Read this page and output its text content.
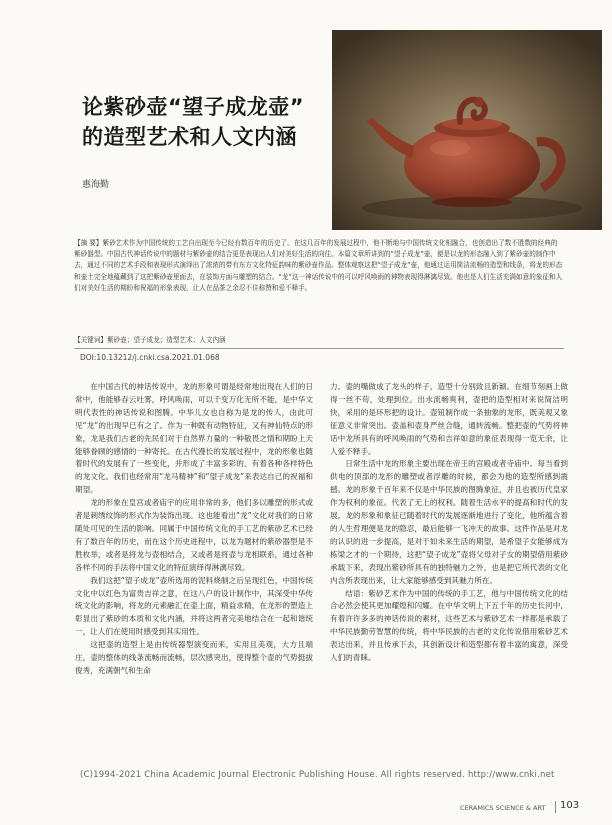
论紫砂壶“望子成龙壶”
的造型艺术和人文内涵
惠海勤
【摘 要】紫砂艺术作为中国传统的工艺自出现至今已经有数百年的历史了。在这几百年的发展过程中，他不断地与中国传统文化相融合，也创造出了数不胜数的经典的紫砂器型。中国古代神话传说中的题材与紫砂壶的结合更是表现出人们对美好生活的向往。本篇文章所讲到的“望子成龙”壶，便是以龙的形态融入到了紫砂壶的制作中去，通过不同的艺术手段和表现形式演绎出了浓浓的带有东方文化特征韵味的紫砂壶作品。整体观察这把“望子成龙”壶，他通过运用简洁流畅的造型和线条，将龙的形态和壶土完全地蕴藏到了这把紫砂壶里面去，在装饰方面与雕塑的结合。“龙”这一神话传说中的可以呼风唤雨的神物表现得淋漓尽致。他也是人们生活充满如意的象征和人们对美好生活的期盼和祝福的形象表现，让人在品茶之余忍不住称赞和爱不释手。
【关键词】紫砂壶；望子成龙；造型艺术；人文内涵
DOI:10.13212/j.cnki.csa.2021.01.068

在中国古代的神话传说中，龙的形象可谓是经常地出现在人们的日常中，他能够吞云吐雾，呼风唤雨，可以千变万化无所不能，是中华文明代表性的神话传说和图腾。中华儿女也自称为是龙的传人，由此可见“龙”的出现早已有之了。作为一种既有动物特征，又有神仙特点的形象，龙是我们古老的先民们对于自然界力量的一种敬畏之情和期盼上天能够眷顾的感情的一种寄托。在古代漫长的发展过程中，龙的形象也随着时代的发展有了一些变化，并形成了丰富多彩的、有着各种各样特色的龙文化。我们也经常用“龙马精神”和“望子成龙”来表达自己的祝福和期望。

龙的形象在皇宫或者庙宇的应用非常的多，他们多以雕塑的形式或者是刺绣纹饰的形式作为装饰出现。这也能看出“龙”文化对我们的日常随处可见的生活的影响。同属于中国传统文化的手工艺的紫砂艺术已经有了数百年的历史，而在这个历史进程中，以龙为题材的紫砂器型是不胜枚举，或者是将龙与壶相结合，又或者是将壶与龙相联系，通过各种各样不同的手法将中国文化的特征演绎得淋漓尽致。

我们这把“望子成龙”壶所选用的泥料烧制之后呈现红色，中国传统文化中以红色为富贵吉祥之意，在这八户的设计制作中，其深受中华传统文化的影响，将龙的元素融汇在壶上面，精益求精，在龙形的塑造上彰显出了紫砂的本质和文化内涵，并将这两者完美地结合在一起和谐统一，让人们在使用时感受到其实用性。

这把壶的造型上是由传统器型演变而来，实用且美观，大方且端庄，壶的整体的线条流畅而流畅，层次感突出，使得整个壶的气势挺拔俊秀，充满朝气和生命

力。壶的嘴做成了龙头的样子，造型十分别致且新颖。在细节刻画上做得一丝不苟，处理到位。出水流畅爽利，壶把的造型相对来说简洁明快，采用的是环形把的设计。壶钮制作成一条抽象的龙形，既美观又象征意义非常突出。壶盖和壶身严丝合缝，通转流畅。整把壶的气势将神话中龙所具有的呼风唤雨的气势和吉祥如意的象征表现得一览无余，让人爱不释手。

日常生活中龙的形象主要出现在帝王的宫殿或者寺庙中。每当看到供电的顶部的龙形的雕塑或者浮雕的时候，都会为他的造型所感到震撼。龙的形象千百年来不仅是中华民族的图腾象征，并且也被历代皇家作为权利的象征。代表了无上的权利。随着生活水平的提高和时代的发展，龙的形象和象征已随着时代的发展逐渐地进行了变化，他所蕴含着的人生哲理便是龙的隐忍，最后能够一飞冲天的故事。这件作品是对龙的认识的进一步提高，是对于如未来生活的期望，是希望子女能够成为栋梁之才的一个期待，这把“望子成龙”壶将父母对子女的期望借用紫砂承载下来，表现出紫砂所具有的独特魅力之外，也是把它所代表的文化内含所表现出来，让大家能够感受到其魅力所在。

结语：紫砂艺术作为中国的传统的手工艺，他与中国传统文化的结合必然会使其更加耀煌和闪耀。在中华文明上下五千年的历史长河中，有着许许多多的神话传说的素材，这些艺术与紫砂艺术一样都是承载了中华民族勤劳智慧的传统，将中华民族的古老的文化传说借用紫砂艺术表达出来，并且传承下去，其创新设计和造型都有着丰富的寓意，深受人们的青睐。

(C)1994-2021 China Academic Journal Electronic Publishing House. All rights reserved. http://www.cnki.net
CERAMICS SCIENCE & ART 103
